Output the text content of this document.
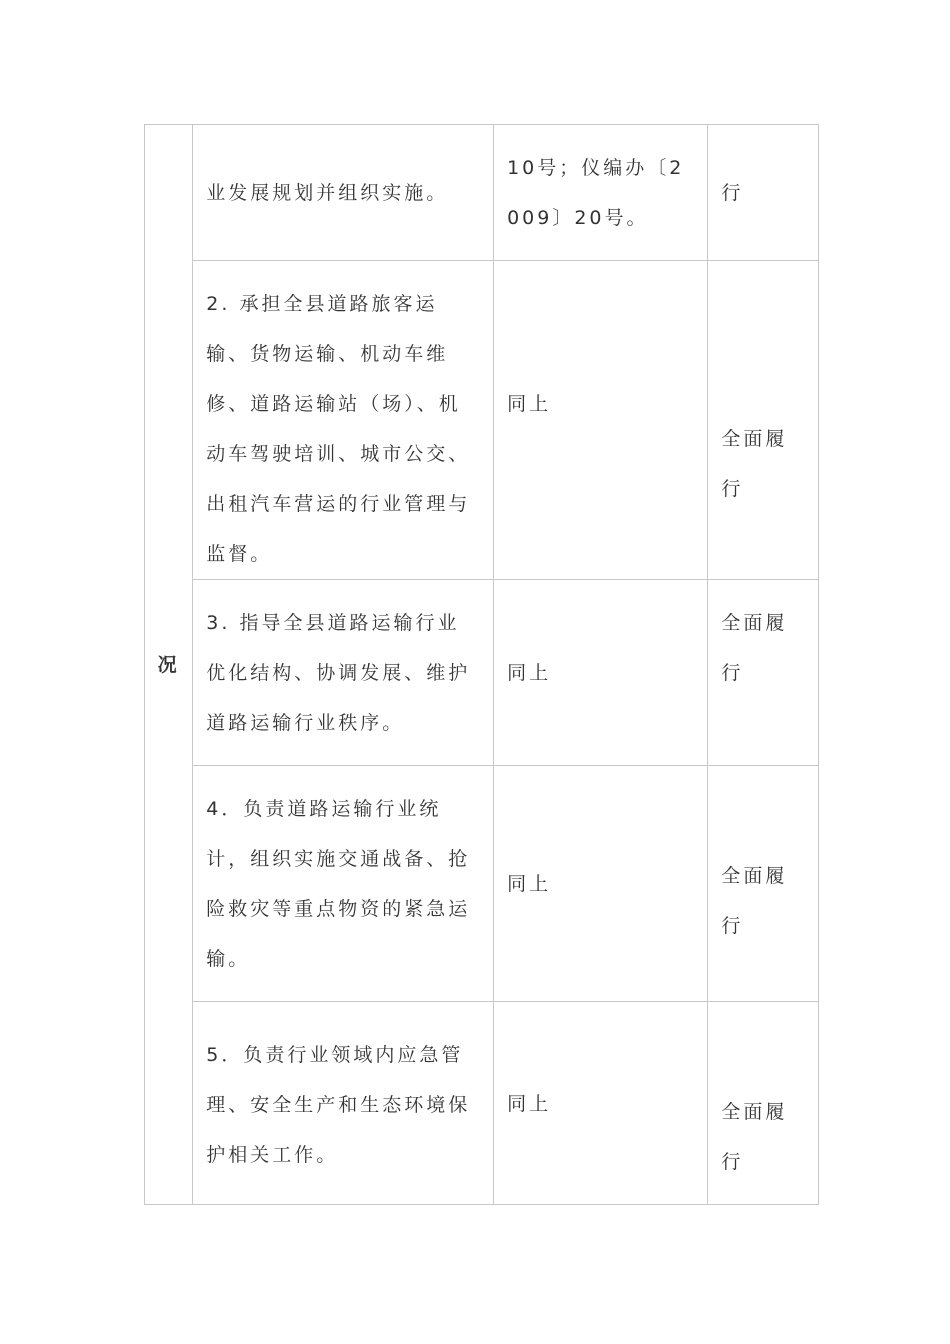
况	业发展规划并组织实施。	10号；仪编办〔2009〕20号。	行

	2. 承担全县道路旅客运输、货物运输、机动车维修、道路运输站（场）、机动车驾驶培训、城市公交、出租汽车营运的行业管理与监督。	同上	全面履行

	3. 指导全县道路运输行业优化结构、协调发展、维护道路运输行业秩序。	同上	全面履行

	4．负责道路运输行业统计，组织实施交通战备、抢险救灾等重点物资的紧急运输。	同上	全面履行

	5．负责行业领域内应急管理、安全生产和生态环境保护相关工作。	同上	全面履行
